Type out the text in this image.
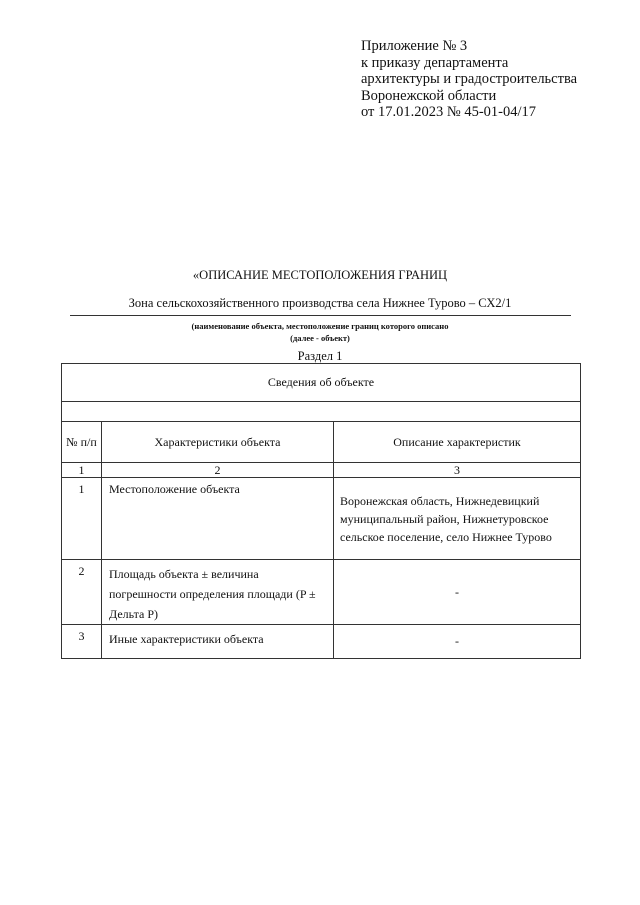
Приложение № 3
к приказу департамента
архитектуры и градостроительства
Воронежской области
от 17.01.2023 № 45-01-04/17
«ОПИСАНИЕ МЕСТОПОЛОЖЕНИЯ ГРАНИЦ
Зона сельскохозяйственного производства села Нижнее Турово – СХ2/1
(наименование объекта, местоположение границ которого описано
(далее - объект)
Раздел 1
Сведения об объекте		

№ п/п	Характеристики объекта	Описание характеристик
1	2	3
1	Местоположение объекта	Воронежская область, Нижнедевицкий муниципальный район, Нижнетуровское сельское поселение, село Нижнее Турово
2	Площадь объекта ± величина погрешности определения площади (P ± Дельта P)	-
3	Иные характеристики объекта	-
